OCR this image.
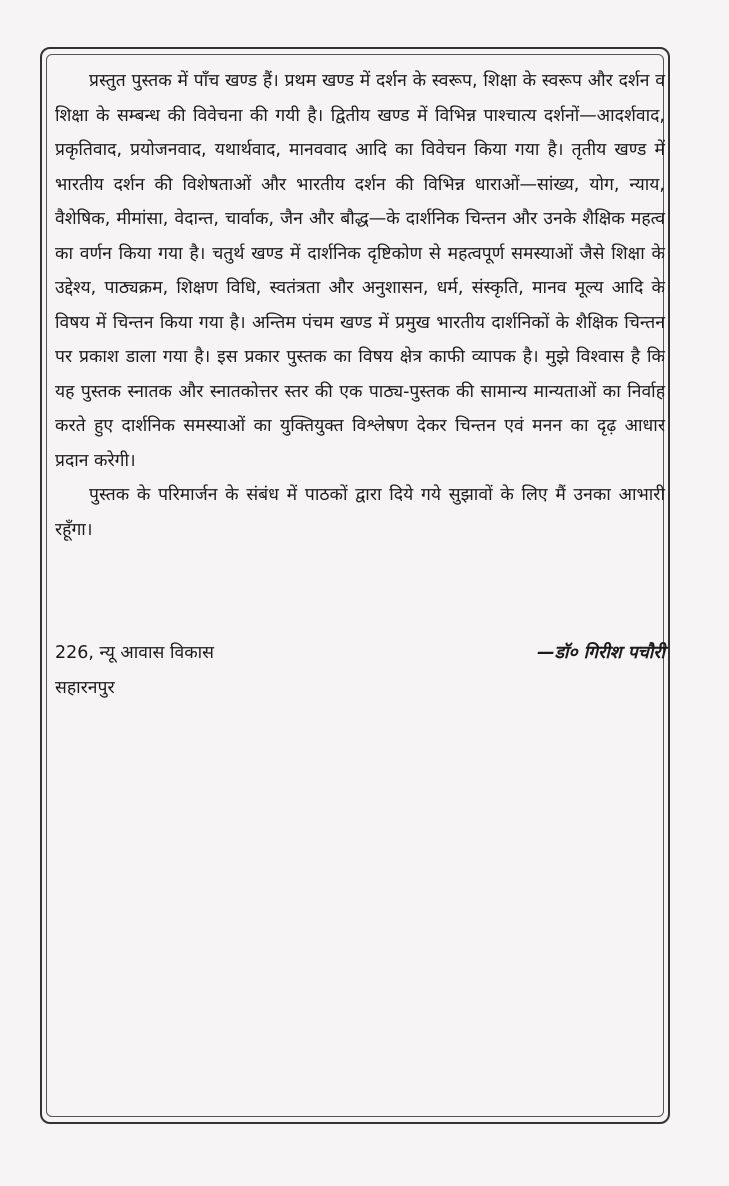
प्रस्तुत पुस्तक में पाँच खण्ड हैं। प्रथम खण्ड में दर्शन के स्वरूप, शिक्षा के स्वरूप और दर्शन व शिक्षा के सम्बन्ध की विवेचना की गयी है। द्वितीय खण्ड में विभिन्न पाश्चात्य दर्शनों—आदर्शवाद, प्रकृतिवाद, प्रयोजनवाद, यथार्थवाद, मानववाद आदि का विवेचन किया गया है। तृतीय खण्ड में भारतीय दर्शन की विशेषताओं और भारतीय दर्शन की विभिन्न धाराओं—सांख्य, योग, न्याय, वैशेषिक, मीमांसा, वेदान्त, चार्वाक, जैन और बौद्ध—के दार्शनिक चिन्तन और उनके शैक्षिक महत्व का वर्णन किया गया है। चतुर्थ खण्ड में दार्शनिक दृष्टिकोण से महत्वपूर्ण समस्याओं जैसे शिक्षा के उद्देश्य, पाठ्यक्रम, शिक्षण विधि, स्वतंत्रता और अनुशासन, धर्म, संस्कृति, मानव मूल्य आदि के विषय में चिन्तन किया गया है। अन्तिम पंचम खण्ड में प्रमुख भारतीय दार्शनिकों के शैक्षिक चिन्तन पर प्रकाश डाला गया है। इस प्रकार पुस्तक का विषय क्षेत्र काफी व्यापक है। मुझे विश्वास है कि यह पुस्तक स्नातक और स्नातकोत्तर स्तर की एक पाठ्य-पुस्तक की सामान्य मान्यताओं का निर्वाह करते हुए दार्शनिक समस्याओं का युक्तियुक्त विश्लेषण देकर चिन्तन एवं मनन का दृढ़ आधार प्रदान करेगी।

पुस्तक के परिमार्जन के संबंध में पाठकों द्वारा दिये गये सुझावों के लिए मैं उनका आभारी रहूँगा।

226, न्यू आवास विकास	—डॉ० गिरीश पचौरी
सहारनपुर
